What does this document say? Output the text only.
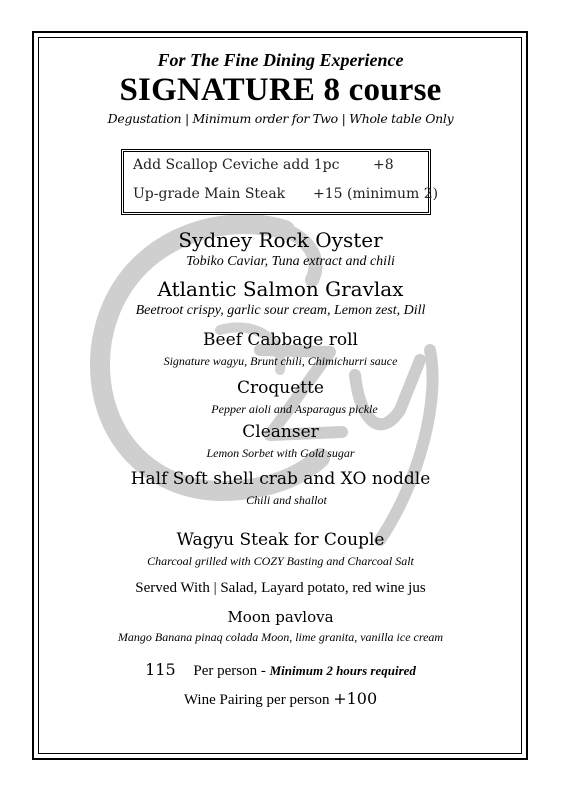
For The Fine Dining Experience
SIGNATURE 8 course
Degustation | Minimum order for Two | Whole table Only
Add Scallop Ceviche add 1pc +8
Up-grade Main Steak +15 (minimum 2)
Sydney Rock Oyster
Tobiko Caviar, Tuna extract and chili
Atlantic Salmon Gravlax
Beetroot crispy, garlic sour cream, Lemon zest, Dill
Beef Cabbage roll
Signature wagyu, Brunt chili, Chimichurri sauce
Croquette
Pepper aioli and Asparagus pickle
Cleanser
Lemon Sorbet with Gold sugar
Half Soft shell crab and XO noddle
Chili and shallot
Wagyu Steak for Couple
Charcoal grilled with COZY Basting and Charcoal Salt
Served With | Salad, Layard potato, red wine jus
Moon pavlova
Mango Banana pinaq colada Moon, lime granita, vanilla ice cream
115 Per person - Minimum 2 hours required
Wine Pairing per person +100
